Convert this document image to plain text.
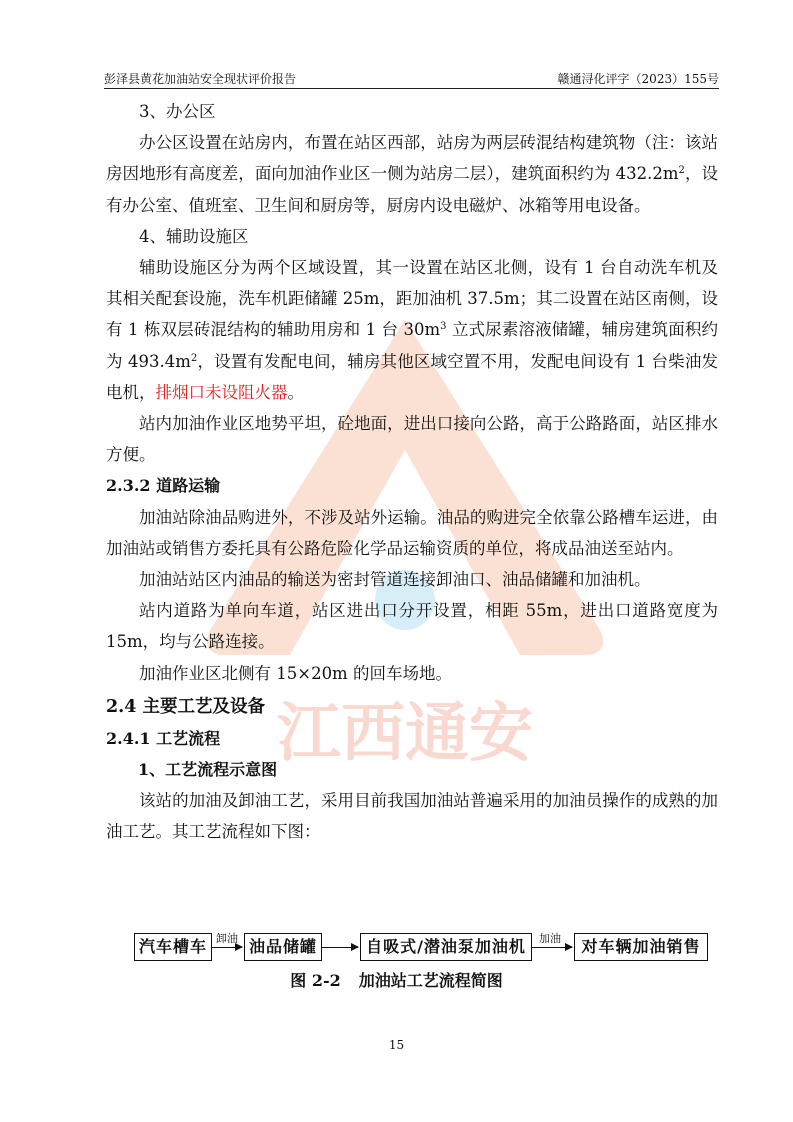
江西通安
彭泽县黄花加油站安全现状评价报告	赣通浔化评字（2023）155号

3、办公区

办公区设置在站房内，布置在站区西部，站房为两层砖混结构建筑物（注：该站房因地形有高度差，面向加油作业区一侧为站房二层），建筑面积约为 $432.2m^2$，设有办公室、值班室、卫生间和厨房等，厨房内设电磁炉、冰箱等用电设备。

4、辅助设施区

辅助设施区分为两个区域设置，其一设置在站区北侧，设有 1 台自动洗车机及其相关配套设施，洗车机距储罐 25m，距加油机 37.5m；其二设置在站区南侧，设有 1 栋双层砖混结构的辅助用房和 1 台 $30m^3$ 立式尿素溶液储罐，辅房建筑面积约为 $493.4m^2$，设置有发配电间，辅房其他区域空置不用，发配电间设有 1 台柴油发电机，排烟口未设阻火器。

站内加油作业区地势平坦，砼地面，进出口接向公路，高于公路路面，站区排水方便。

2.3.2 道路运输

加油站除油品购进外，不涉及站外运输。油品的购进完全依靠公路槽车运进，由加油站或销售方委托具有公路危险化学品运输资质的单位，将成品油送至站内。

加油站站区内油品的输送为密封管道连接卸油口、油品储罐和加油机。

站内道路为单向车道，站区进出口分开设置，相距 55m，进出口道路宽度为 15m，均与公路连接。

加油作业区北侧有 15×20m 的回车场地。

2.4 主要工艺及设备

2.4.1 工艺流程

1、工艺流程示意图

该站的加油及卸油工艺，采用目前我国加油站普遍采用的加油员操作的成熟的加油工艺。其工艺流程如下图：

汽车槽车 卸油 油品储罐	自吸式/潜油泵加油机	加油	对车辆加油销售
图 2-2 加油站工艺流程简图
15
